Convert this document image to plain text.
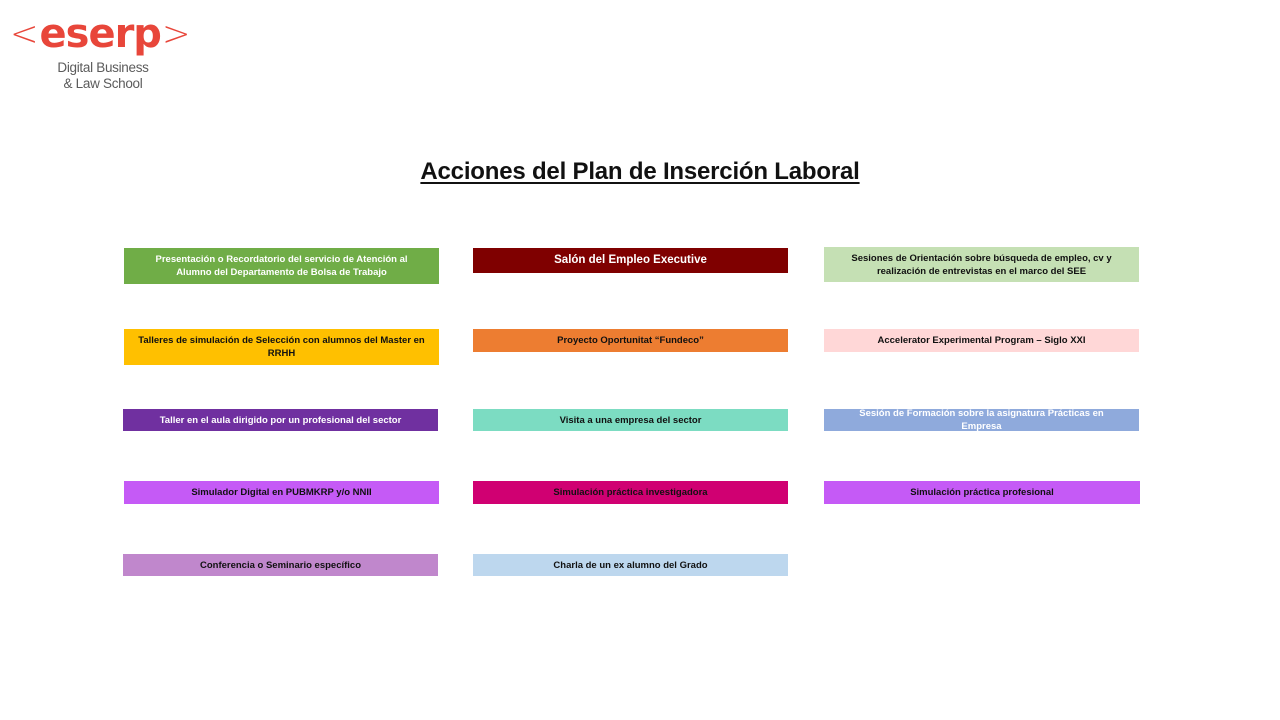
< eserp >
Digital Business
& Law School
Acciones del Plan de Inserción Laboral
Presentación o Recordatorio del servicio de Atención al Alumno del Departamento de Bolsa de Trabajo
Salón del Empleo Executive	Sesiones de Orientación sobre búsqueda de empleo, cv y realización de entrevistas en el marco del SEE
Talleres de simulación de Selección con alumnos del Master en RRHH
Proyecto Oportunitat “Fundeco”	Accelerator Experimental Program – Siglo XXI
Taller en el aula dirigido por un profesional del sector	Visita a una empresa del sector
Sesión de Formación sobre la asignatura Prácticas en Empresa
Simulador Digital en PUBMKRP y/o NNII	Simulación práctica investigadora	Simulación práctica profesional
Conferencia o Seminario específico	Charla de un ex alumno del Grado
